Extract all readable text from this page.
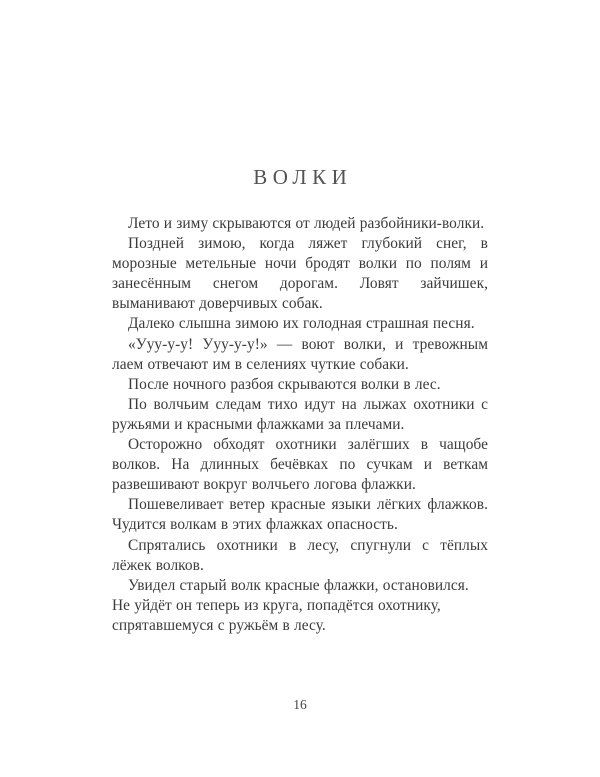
ВОЛКИ

Лето и зиму скрываются от людей разбойники-волки.

Поздней зимою, когда ляжет глубокий снег, в морозные метельные ночи бродят волки по полям и занесённым снегом дорогам. Ловят зайчишек, выманивают доверчивых собак.

Далеко слышна зимою их голодная страшная песня.

«Ууу-у-у! Ууу-у-у!» — воют волки, и тревожным лаем отвечают им в селениях чуткие собаки.

После ночного разбоя скрываются волки в лес.

По волчьим следам тихо идут на лыжах охотники с ружьями и красными флажками за плечами.

Осторожно обходят охотники залёгших в чащобе волков. На длинных бечёвках по сучкам и веткам развешивают вокруг волчьего логова флажки.

Пошевеливает ветер красные языки лёгких флажков. Чудится волкам в этих флажках опасность.

Спрятались охотники в лесу, спугнули с тёплых лёжек волков.

Увидел старый волк красные флажки, остановился. Не уйдёт он теперь из круга, попадётся охотнику, спрятавшемуся с ружьём в лесу.

16
